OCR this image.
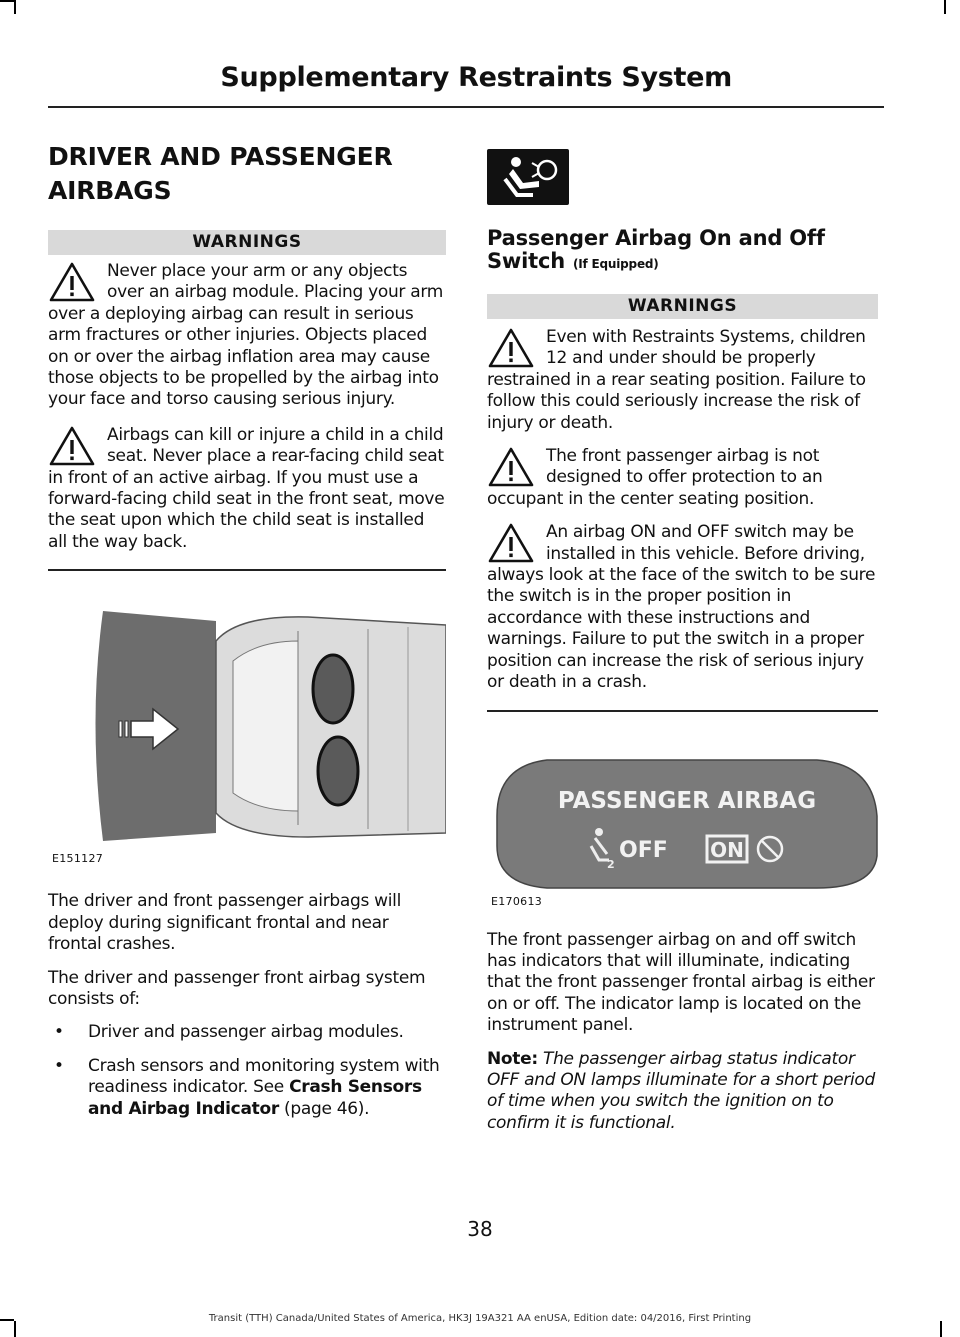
Supplementary Restraints System
DRIVER AND PASSENGER AIRBAGS
WARNINGS
Never place your arm or any objects over an airbag module. Placing your arm over a deploying airbag can result in serious arm fractures or other injuries. Objects placed on or over the airbag inflation area may cause those objects to be propelled by the airbag into your face and torso causing serious injury.
Airbags can kill or injure a child in a child seat. Never place a rear-facing child seat in front of an active airbag. If you must use a forward-facing child seat in the front seat, move the seat upon which the child seat is installed all the way back.
E151127

The driver and front passenger airbags will deploy during significant frontal and near frontal crashes.

The driver and passenger front airbag system consists of:

• Driver and passenger airbag modules.
• Crash sensors and monitoring system with readiness indicator. See Crash Sensors and Airbag Indicator (page 46).
Passenger Airbag On and Off Switch (If Equipped)
WARNINGS
Even with Restraints Systems, children 12 and under should be properly restrained in a rear seating position. Failure to follow this could seriously increase the risk of injury or death.
The front passenger airbag is not designed to offer protection to an occupant in the center seating position.
An airbag ON and OFF switch may be installed in this vehicle. Before driving, always look at the face of the switch to be sure the switch is in the proper position in accordance with these instructions and warnings. Failure to put the switch in a proper position can increase the risk of serious injury or death in a crash.
PASSENGER AIRBAG
2
OFF ON
E170613

The front passenger airbag on and off switch has indicators that will illuminate, indicating that the front passenger frontal airbag is either on or off. The indicator lamp is located on the instrument panel.

Note: The passenger airbag status indicator OFF and ON lamps illuminate for a short period of time when you switch the ignition on to confirm it is functional.

38
Transit (TTH) Canada/United States of America, HK3J 19A321 AA enUSA, Edition date: 04/2016, First Printing
